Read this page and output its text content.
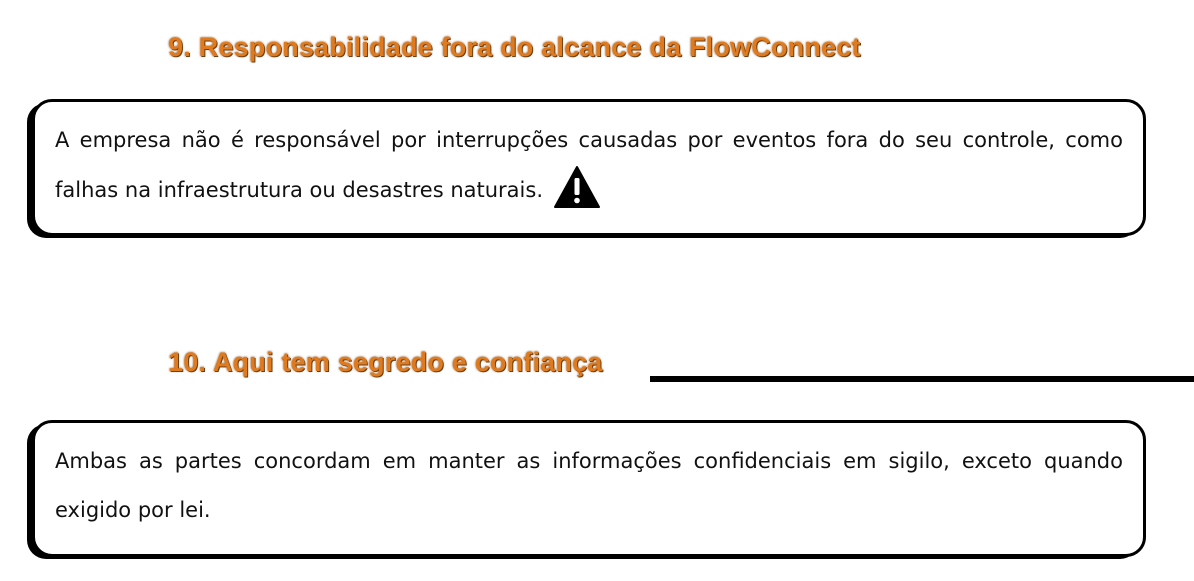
9. Responsabilidade fora do alcance da FlowConnect

A empresa não é responsável por interrupções causadas por eventos fora do seu controle, como falhas na infraestrutura ou desastres naturais.

10. Aqui tem segredo e confiança

Ambas as partes concordam em manter as informações confidenciais em sigilo, exceto quando exigido por lei.
